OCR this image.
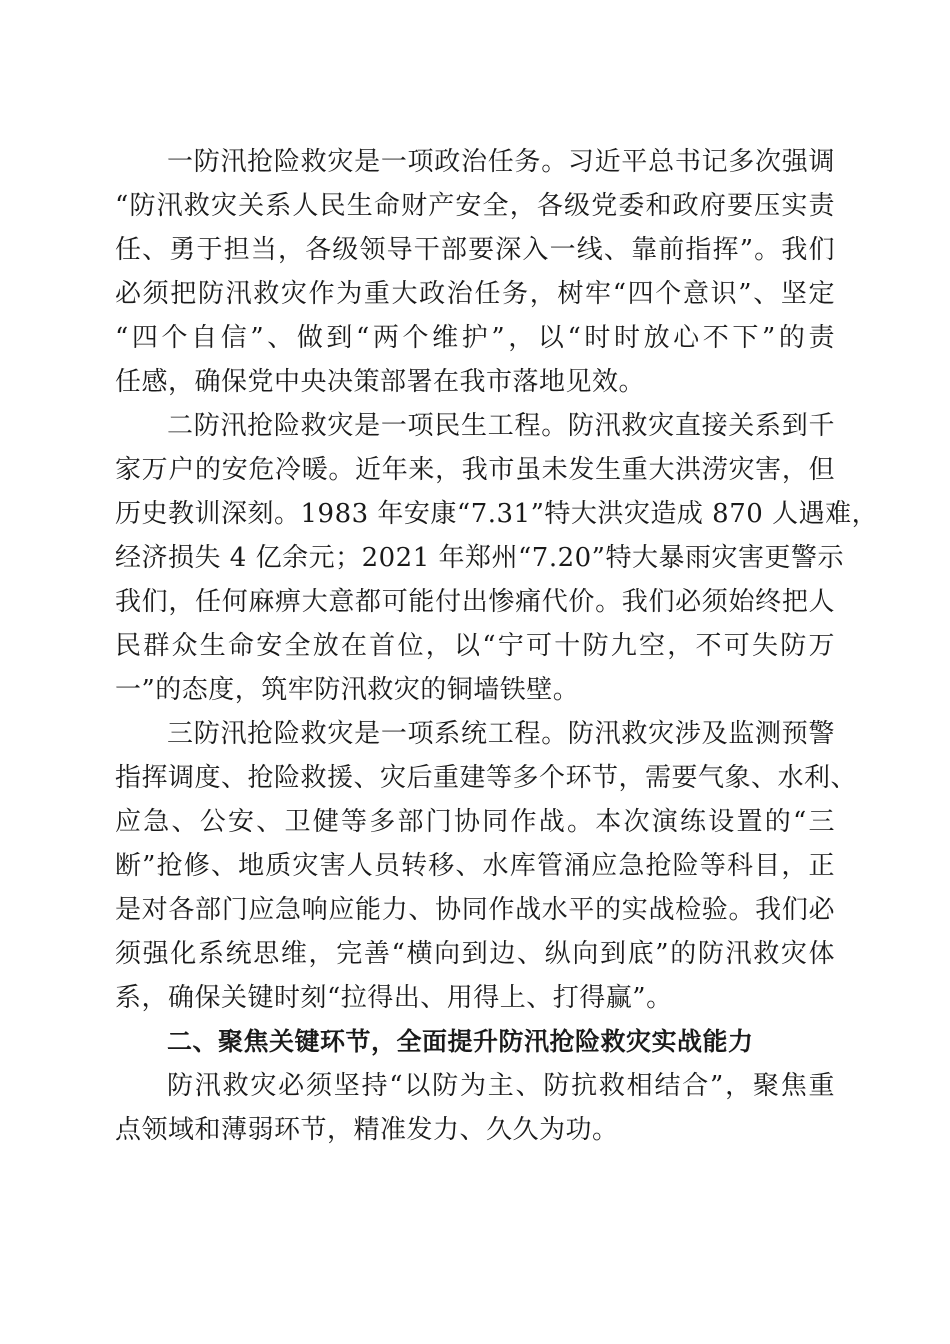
一防汛抢险救灾是一项政治任务。习近平总书记多次强调
“防汛救灾关系人民生命财产安全，各级党委和政府要压实责
任、勇于担当，各级领导干部要深入一线、靠前指挥”。我们
必须把防汛救灾作为重大政治任务，树牢“四个意识”、坚定
“四个自信”、做到“两个维护”，以“时时放心不下”的责
任感，确保党中央决策部署在我市落地见效。
二防汛抢险救灾是一项民生工程。防汛救灾直接关系到千
家万户的安危冷暖。近年来，我市虽未发生重大洪涝灾害，但
历史教训深刻。1983 年安康“7.31”特大洪灾造成 870 人遇难，
经济损失 4 亿余元；2021 年郑州“7.20”特大暴雨灾害更警示
我们，任何麻痹大意都可能付出惨痛代价。我们必须始终把人
民群众生命安全放在首位，以“宁可十防九空，不可失防万
一”的态度，筑牢防汛救灾的铜墙铁壁。
三防汛抢险救灾是一项系统工程。防汛救灾涉及监测预警
指挥调度、抢险救援、灾后重建等多个环节，需要气象、水利、
应急、公安、卫健等多部门协同作战。本次演练设置的“三
断”抢修、地质灾害人员转移、水库管涌应急抢险等科目，正
是对各部门应急响应能力、协同作战水平的实战检验。我们必
须强化系统思维，完善“横向到边、纵向到底”的防汛救灾体
系，确保关键时刻“拉得出、用得上、打得赢”。
二、聚焦关键环节，全面提升防汛抢险救灾实战能力
防汛救灾必须坚持“以防为主、防抗救相结合”，聚焦重
点领域和薄弱环节，精准发力、久久为功。
